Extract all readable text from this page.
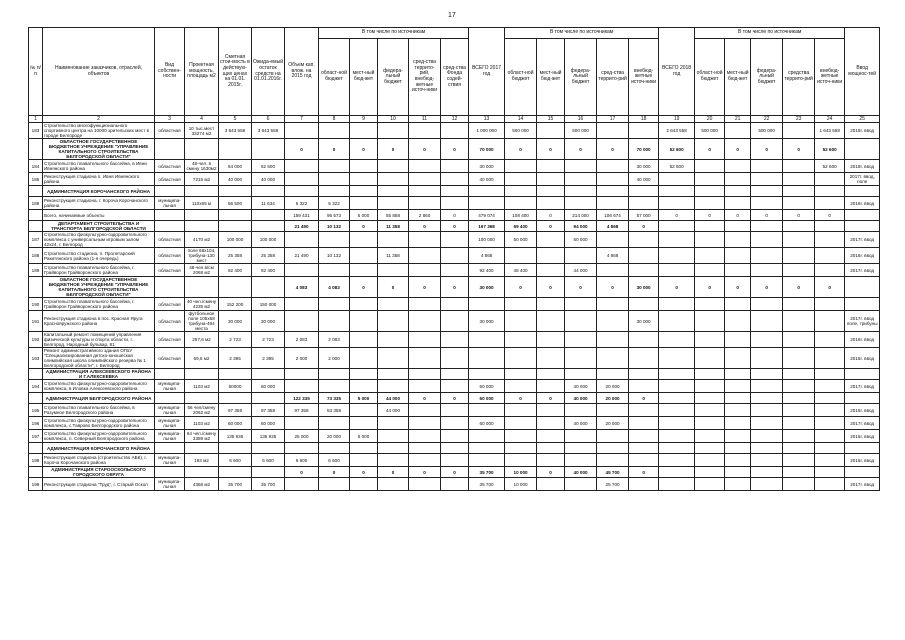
17
№ п/п	Наименование заказчиков, отраслей, объектов	Вид собствен-ности	Проектная мощность, площадь м2	Сметная стои-мость в действую-щих ценах на 01.01. 2015г.	Ожида-емый остаток средств на 01.01.2016г.	Объем кап. влож. на 2015 год	В том числе по источникам					ВСЕГО 2017 год	В том числе по источникам					ВСЕГО 2018 год	В том числе по источникам					Ввод мощнос-тей
							област-ной бюджет	мест-ный бюд-жет	федера-льный бюджет	сред-ства террито-рий, внебюд-жетные источ-ники	сред-ства Фонда содей-ствия		област-ной бюджет	мест-ный бюд-жет	федера-льный бюджет	сред-ства террито-рий	внебюд-жетные источ-ники		област-ной бюджет	мест-ный бюд-жет	федера-льный бюджет	средства террито-рий	внебюд-жетные источ-ники	
1	2	3	4	5	6	7	8	9	10	11	12	13	14	15	16	17	18	19	20	21	22	23	24	25
183	Строительство многофункционального спортивного центра на 10000 зрительских мест в городе Белгороде	областная	10 тыс.мест 33274 м2	3 643 558	3 643 558							1 000 000	500 000		500 000			2 643 558	500 000		500 000		1 643 558	2018г. ввод
	ОБЛАСТНОЕ ГОСУДАРСТВЕННОЕ БЮДЖЕТНОЕ УЧРЕЖДЕНИЕ "УПРАВЛЕНИЕ КАПИТАЛЬНОГО СТРОИТЕЛЬСТВА БЕЛГОРОДСКОЙ ОБЛАСТИ"					0	0	0	0	0	0	70 000	0	0	0	0	70 000	52 600	0	0	0	0	52 600	
184	Строительство плавательного бассейна, в Ивни Ивнянского района	областная	48-чел. в смену 1630м2	64 000	62 600							30 000					30 000	52 600					52 600	2018г. ввод
185	Реконструкция стадиона п. Ивня Ивнянского района	областная	7215 м2	40 000	40 000							40 000					40 000							2017г. ввод, поле
	АДМИНИСТРАЦИЯ КОРОЧАНСКОГО РАЙОНА																							
186	Реконструкция стадиона, г. Короча Корочанского района	муниципа-льная	110х65 м	56 500	11 634	5 322	5 322																	2016г. ввод
	Всего, начинаемые объекты					159 431	95 573	5 000	55 858	2 860	0	479 074	108 400	0	214 000	106 674	57 000	0	0	0	0	0	0	
	ДЕПАРТАМЕНТ СТРОИТЕЛЬСТВА И ТРАНСПОРТА БЕЛГОРОДСКОЙ ОБЛАСТИ					21 490	10 132	0	11 358	0	0	167 368	59 400	0	94 000	4 868	0							
187	Строительство физкультурно-оздоровительного комплекса с универсальным игровым залом 42х24, г. Белгород	областная	4170 м2	100 000	100 000							100 000	50 000		50 000									2017г. ввод
188	Строительство стадиона, п. Пролетарский Ракитянского района (1-я очередь)	областная	поле 68х104, трибуна-130 мест	25 358	25 358	21 490	10 132		11 358			4 868				4 868								2016г. ввод
189	Строительство плавательного бассейна, г. Грайворон Грайворонского района	областная	48-чел.в/см 2068 м2	92 400	92 400							92 400	48 400		44 000									2017г. ввод
	ОБЛАСТНОЕ ГОСУДАРСТВЕННОЕ БЮДЖЕТНОЕ УЧРЕЖДЕНИЕ "УПРАВЛЕНИЕ КАПИТАЛЬНОГО СТРОИТЕЛЬСТВА БЕЛГОРОДСКОЙ ОБЛАСТИ"					4 083	4 083	0	0	0	0	30 000	0	0	0	0	30 000	0	0	0	0	0	0	
190	Строительство плавательного бассейна, г. Грайворон Грайворонского района	областная	40 чел./смену 4235 м2	152 200	150 000																			
191	Реконструкция стадиона в пос. Красная Яруга Краснояружского района	областная	футбольное поле 105х68 трибуна-494 места	30 000	30 000							30 000					30 000							2017г. ввод поле, трибуны
192	Капитальный ремонт помещений управления физической культуры и спорта области, г. Белгород, Народный бульвар, 81	областная	257,6 м2	2 723	2 723	2 083	2 083																	2016г. ввод
193	Ремонт административного здания ОГБУ "Специализированная детско-юношеская олимпийская школа олимпийского резерва № 1 Белгородской области", г. Белгород	областная	59,6 м2	2 395	2 395	2 000	2 000																	2016г. ввод
	АДМИНИСТРАЦИЯ АЛЕКСЕЕВСКОГО РАЙОНА И Г.АЛЕКСЕЕВКА																							
194	Строительство физкультурно-оздоровительного комплекса, в Иловка Алексеевского района	муниципа-льная	1103 м2	60000	60 000							60 000			40 000	20 000								2017г. ввод
	АДМИНИСТРАЦИЯ БЕЛГОРОДСКОГО РАЙОНА					122 335	73 335	5 000	44 000	0	0	60 000	0	0	40 000	20 000	0							
195	Строительство плавательного бассейна, в Разумное Белгородского района	муниципа-льная	56 чел/смену 2062 м2	97 358	97 358	97 358	53 358		44 000															2016г. ввод
196	Строительство физкультурно-оздоровительного комплекса, с.Таврово Белгородского района	муниципа-льная	1103 м2	60 000	60 000							60 000			40 000	20 000								2017г. ввод
197	Строительство физкультурно-оздоровительного комплекса, п. Северный Белгородского района	муниципа-льная	64 чел./смену 3389 м2	135 935	135 935	25 000	20 000	5 000																2016г. ввод
	АДМИНИСТРАЦИЯ КОРОЧАНСКОГО РАЙОНА																							
198	Реконструкция стадиона (строительство АБК), г. Короча Корочанского района	муниципа-льная	193 м2	6 600	6 600	6 600	6 600																	2016г. ввод
	АДМИНИСТРАЦИЯ СТАРООСКОЛЬСКОГО ГОРОДСКОГО ОКРУГА					0	0	0	0	0	0	35 700	10 000	0	40 000	45 700	0							
199	Реконструкция стадиона "Труд", г. Старый Оскол	муниципа-льная	4368 м2	35 700	35 700							35 700	10 000			25 700								2017г. ввод
